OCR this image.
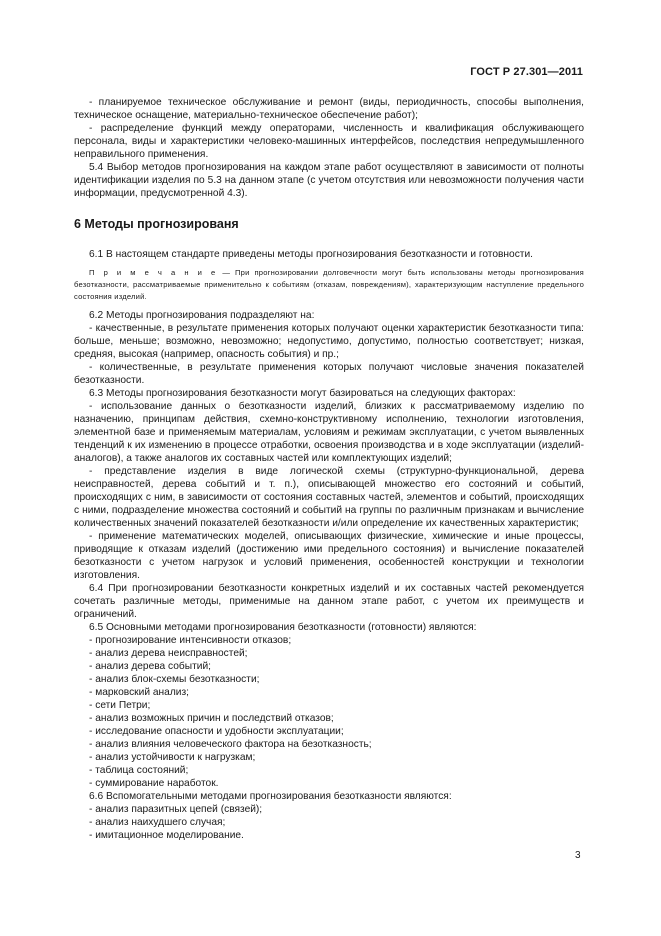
ГОСТ Р 27.301—2011

- планируемое техническое обслуживание и ремонт (виды, периодичность, способы выполнения, техническое оснащение, материально-техническое обеспечение работ);

- распределение функций между операторами, численность и квалификация обслуживающего персонала, виды и характеристики человеко-машинных интерфейсов, последствия непредумышленного неправильного применения.

5.4 Выбор методов прогнозирования на каждом этапе работ осуществляют в зависимости от полноты идентификации изделия по 5.3 на данном этапе (с учетом отсутствия или невозможности получения части информации, предусмотренной 4.3).

6 Методы прогнозированя

6.1 В настоящем стандарте приведены методы прогнозирования безотказности и готовности.

П р и м е ч а н и е — При прогнозировании долговечности могут быть использованы методы прогнозирования безотказности, рассматриваемые применительно к событиям (отказам, повреждениям), характеризующим наступление предельного состояния изделий.

6.2 Методы прогнозирования подразделяют на:

- качественные, в результате применения которых получают оценки характеристик безотказности типа: больше, меньше; возможно, невозможно; недопустимо, допустимо, полностью соответствует; низкая, средняя, высокая (например, опасность события) и пр.;

- количественные, в результате применения которых получают числовые значения показателей безотказности.

6.3 Методы прогнозирования безотказности могут базироваться на следующих факторах:

- использование данных о безотказности изделий, близких к рассматриваемому изделию по назначению, принципам действия, схемно-конструктивному исполнению, технологии изготовления, элементной базе и применяемым материалам, условиям и режимам эксплуатации, с учетом выявленных тенденций к их изменению в процессе отработки, освоения производства и в ходе эксплуатации (изделий-аналогов), а также аналогов их составных частей или комплектующих изделий;

- представление изделия в виде логической схемы (структурно-функциональной, дерева неисправностей, дерева событий и т. п.), описывающей множество его состояний и событий, происходящих с ним, в зависимости от состояния составных частей, элементов и событий, происходящих с ними, подразделение множества состояний и событий на группы по различным признакам и вычисление количественных значений показателей безотказности и/или определение их качественных характеристик;

- применение математических моделей, описывающих физические, химические и иные процессы, приводящие к отказам изделий (достижению ими предельного состояния) и вычисление показателей безотказности с учетом нагрузок и условий применения, особенностей конструкции и технологии изготовления.

6.4 При прогнозировании безотказности конкретных изделий и их составных частей рекомендуется сочетать различные методы, применимые на данном этапе работ, с учетом их преимуществ и ограничений.

6.5 Основными методами прогнозирования безотказности (готовности) являются:

- прогнозирование интенсивности отказов;

- анализ дерева неисправностей;

- анализ дерева событий;

- анализ блок-схемы безотказности;

- марковский анализ;

- сети Петри;

- анализ возможных причин и последствий отказов;

- исследование опасности и удобности эксплуатации;

- анализ влияния человеческого фактора на безотказность;

- анализ устойчивости к нагрузкам;

- таблица состояний;

- суммирование наработок.

6.6 Вспомогательными методами прогнозирования безотказности являются:

- анализ паразитных цепей (связей);

- анализ наихудшего случая;

- имитационное моделирование.

3
